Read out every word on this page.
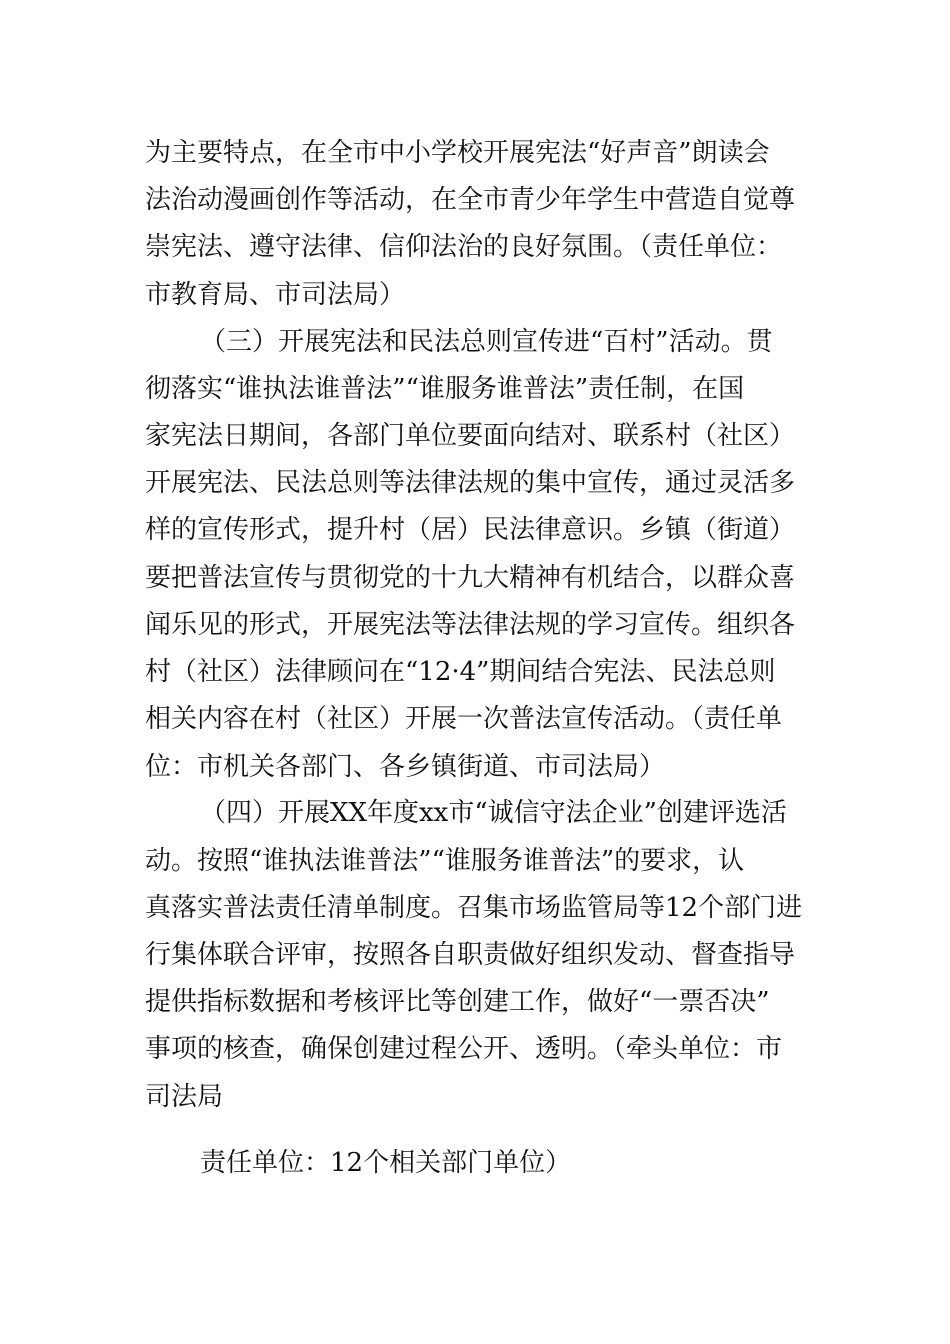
为主要特点，在全市中小学校开展宪法“好声音”朗读会
法治动漫画创作等活动，在全市青少年学生中营造自觉尊
崇宪法、遵守法律、信仰法治的良好氛围。（责任单位：
市教育局、市司法局）
（三）开展宪法和民法总则宣传进“百村”活动。贯
彻落实“谁执法谁普法”“谁服务谁普法”责任制，在国
家宪法日期间，各部门单位要面向结对、联系村（社区）
开展宪法、民法总则等法律法规的集中宣传，通过灵活多
样的宣传形式，提升村（居）民法律意识。乡镇（街道）
要把普法宣传与贯彻党的十九大精神有机结合，以群众喜
闻乐见的形式，开展宪法等法律法规的学习宣传。组织各
村（社区）法律顾问在“12·4”期间结合宪法、民法总则
相关内容在村（社区）开展一次普法宣传活动。（责任单
位：市机关各部门、各乡镇街道、市司法局）
（四）开展XX年度xx市“诚信守法企业”创建评选活
动。按照“谁执法谁普法”“谁服务谁普法”的要求，认
真落实普法责任清单制度。召集市场监管局等12个部门进
行集体联合评审，按照各自职责做好组织发动、督查指导
提供指标数据和考核评比等创建工作，做好“一票否决”
事项的核查，确保创建过程公开、透明。（牵头单位：市
司法局
责任单位：12个相关部门单位）
